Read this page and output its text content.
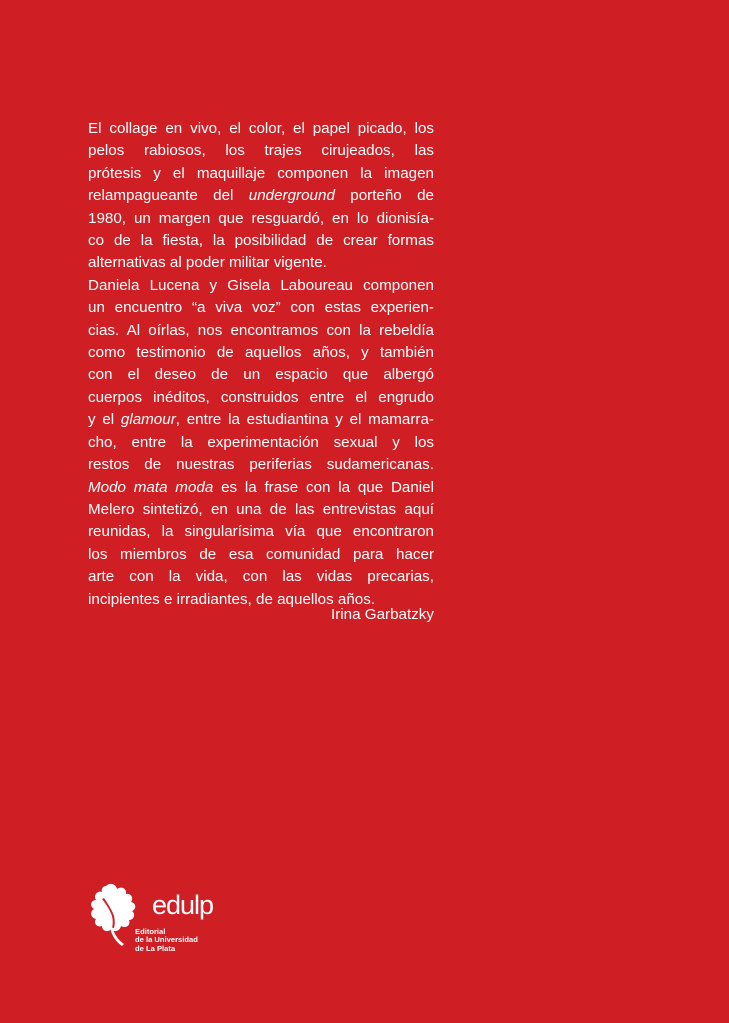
El collage en vivo, el color, el papel picado, los
pelos rabiosos, los trajes cirujeados, las
prótesis y el maquillaje componen la imagen
relampagueante del underground porteño de
1980, un margen que resguardó, en lo dionisía-
co de la fiesta, la posibilidad de crear formas
alternativas al poder militar vigente.
Daniela Lucena y Gisela Laboureau componen
un encuentro “a viva voz” con estas experien-
cias. Al oírlas, nos encontramos con la rebeldía
como testimonio de aquellos años, y también
con el deseo de un espacio que albergó
cuerpos inéditos, construidos entre el engrudo
y el glamour, entre la estudiantina y el mamarra-
cho, entre la experimentación sexual y los
restos de nuestras periferias sudamericanas.
Modo mata moda es la frase con la que Daniel
Melero sintetizó, en una de las entrevistas aquí
reunidas, la singularísima vía que encontraron
los miembros de esa comunidad para hacer
arte con la vida, con las vidas precarias,
incipientes e irradiantes, de aquellos años.
Irina Garbatzky
edulp
Editorial
de la Universidad
de La Plata
